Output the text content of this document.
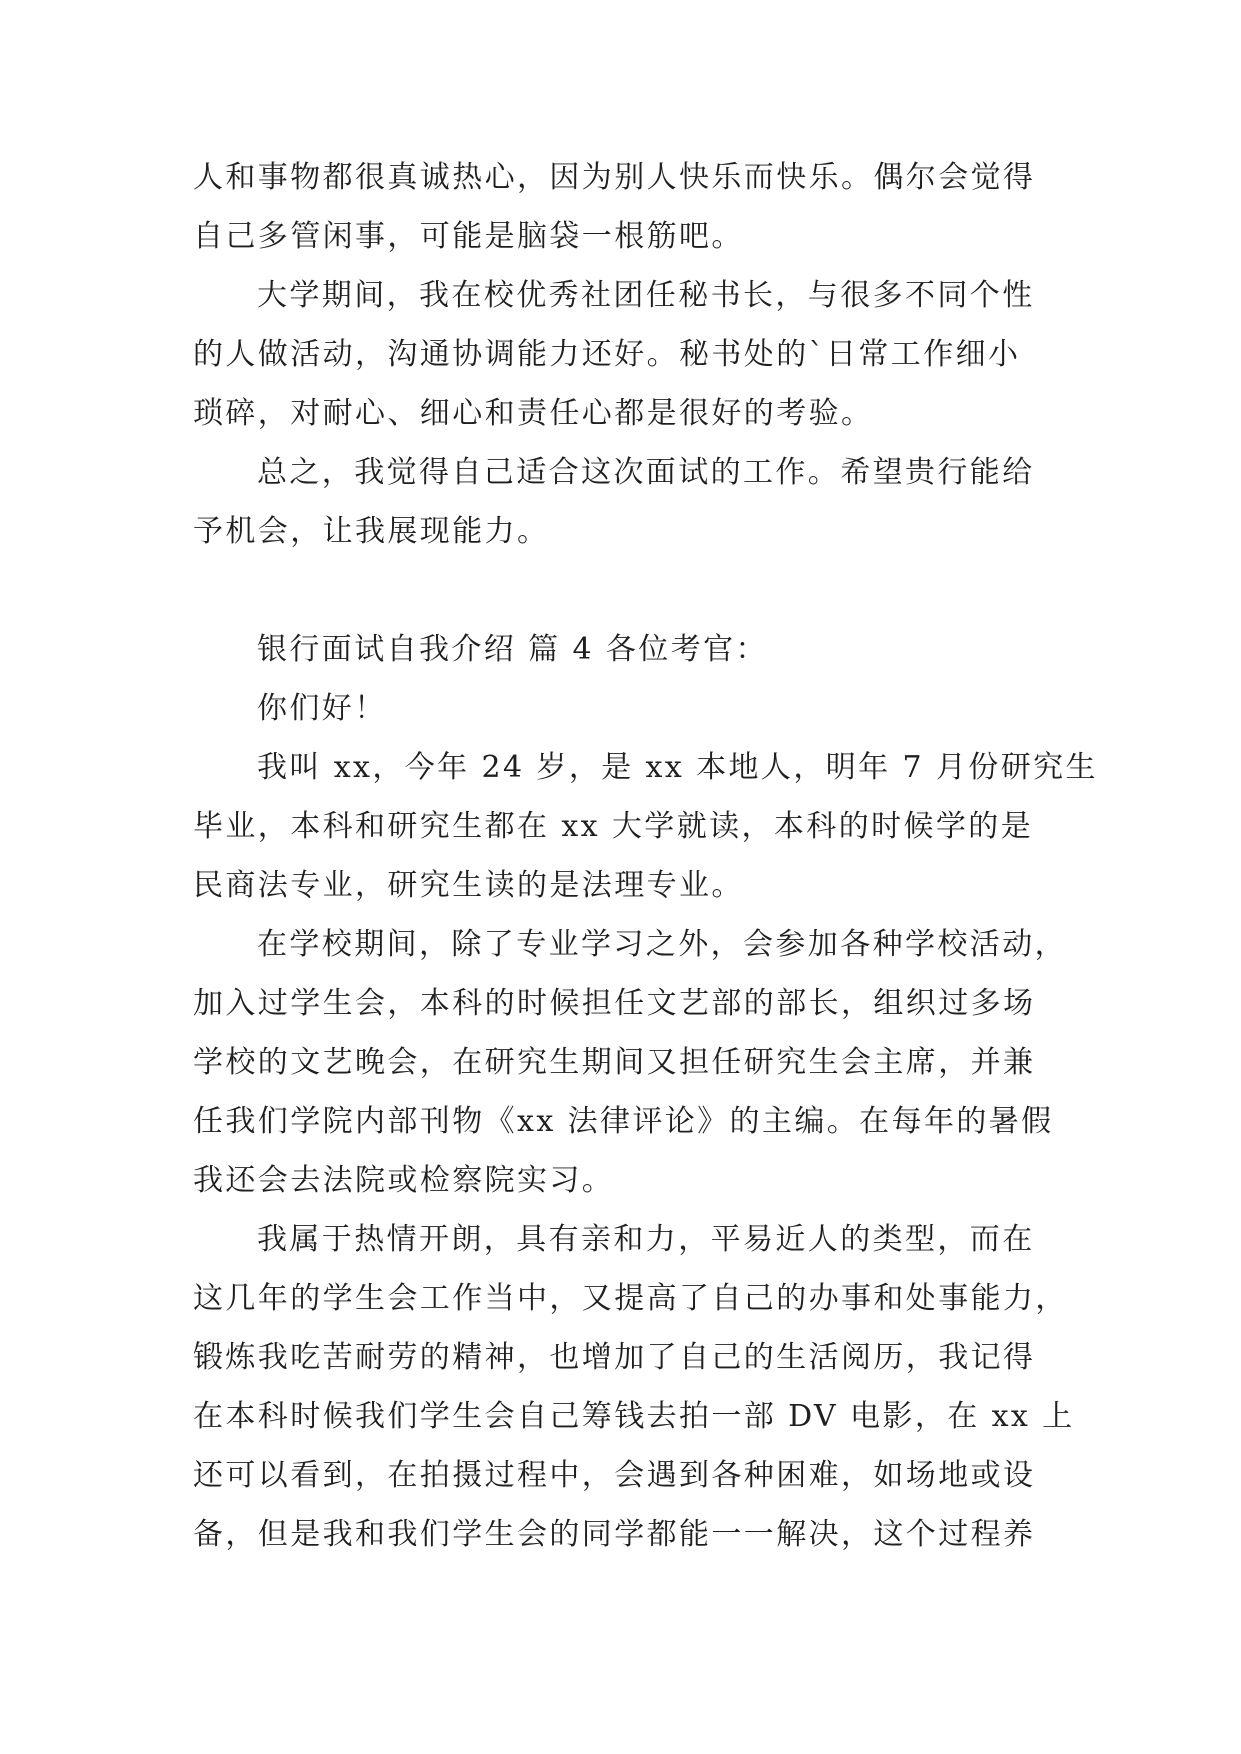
人和事物都很真诚热心，因为别人快乐而快乐。偶尔会觉得
自己多管闲事，可能是脑袋一根筋吧。
大学期间，我在校优秀社团任秘书长，与很多不同个性
的人做活动，沟通协调能力还好。秘书处的`日常工作细小
琐碎，对耐心、细心和责任心都是很好的考验。
总之，我觉得自己适合这次面试的工作。希望贵行能给
予机会，让我展现能力。
银行面试自我介绍 篇 4 各位考官：
你们好！
我叫 xx，今年 24 岁，是 xx 本地人，明年 7 月份研究生
毕业，本科和研究生都在 xx 大学就读，本科的时候学的是
民商法专业，研究生读的是法理专业。
在学校期间，除了专业学习之外，会参加各种学校活动，
加入过学生会，本科的时候担任文艺部的部长，组织过多场
学校的文艺晚会，在研究生期间又担任研究生会主席，并兼
任我们学院内部刊物《xx 法律评论》的主编。在每年的暑假
我还会去法院或检察院实习。
我属于热情开朗，具有亲和力，平易近人的类型，而在
这几年的学生会工作当中，又提高了自己的办事和处事能力，
锻炼我吃苦耐劳的精神，也增加了自己的生活阅历，我记得
在本科时候我们学生会自己筹钱去拍一部 DV 电影，在 xx 上
还可以看到，在拍摄过程中，会遇到各种困难，如场地或设
备，但是我和我们学生会的同学都能一一解决，这个过程养
